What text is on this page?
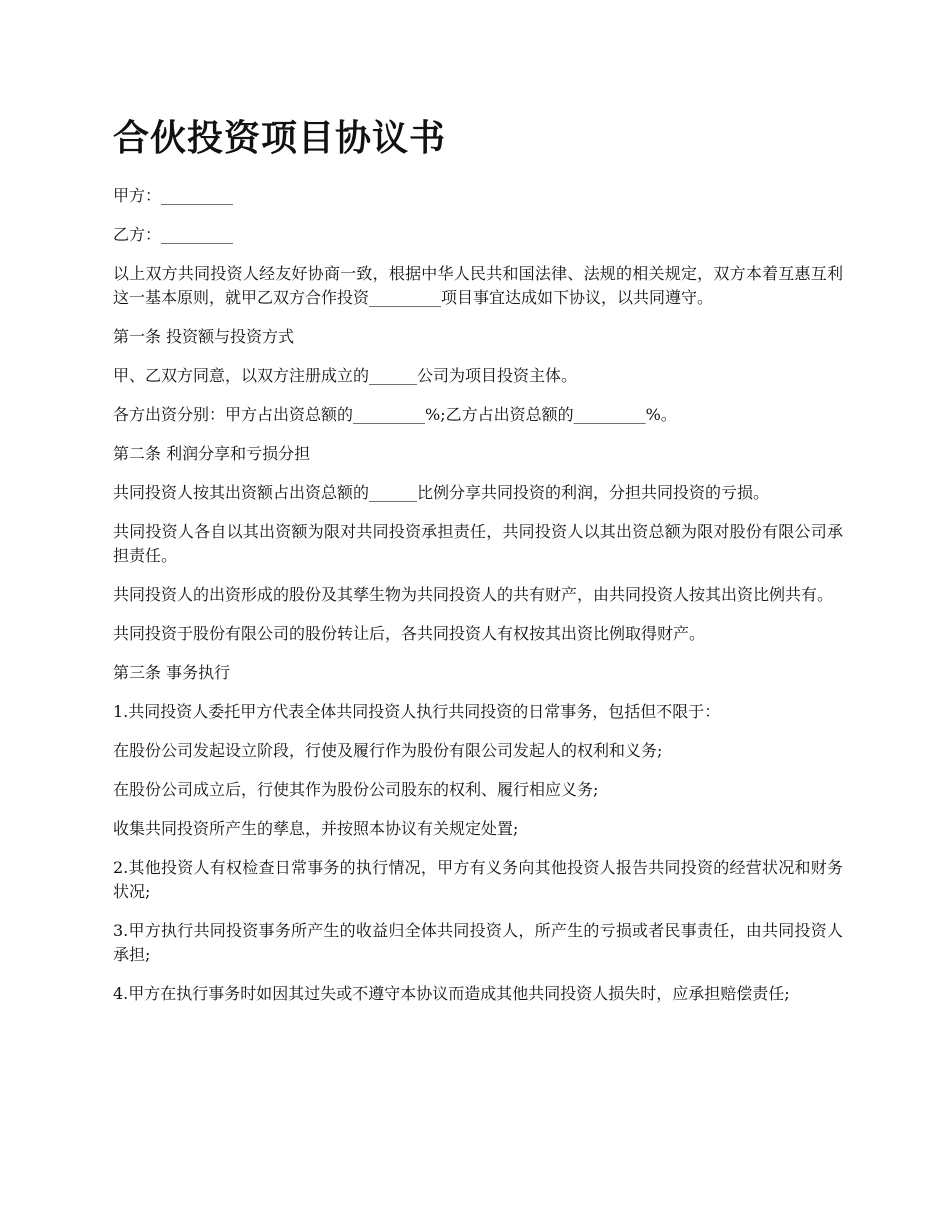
合伙投资项目协议书

甲方：_________

乙方：_________

以上双方共同投资人经友好协商一致，根据中华人民共和国法律、法规的相关规定，双方本着互惠互利这一基本原则，就甲乙双方合作投资_________项目事宜达成如下协议，以共同遵守。

第一条 投资额与投资方式

甲、乙双方同意，以双方注册成立的______公司为项目投资主体。

各方出资分别：甲方占出资总额的_________%;乙方占出资总额的_________%。

第二条 利润分享和亏损分担

共同投资人按其出资额占出资总额的______比例分享共同投资的利润，分担共同投资的亏损。

共同投资人各自以其出资额为限对共同投资承担责任，共同投资人以其出资总额为限对股份有限公司承担责任。

共同投资人的出资形成的股份及其孳生物为共同投资人的共有财产，由共同投资人按其出资比例共有。

共同投资于股份有限公司的股份转让后，各共同投资人有权按其出资比例取得财产。

第三条 事务执行

1.共同投资人委托甲方代表全体共同投资人执行共同投资的日常事务，包括但不限于：

在股份公司发起设立阶段，行使及履行作为股份有限公司发起人的权利和义务;

在股份公司成立后，行使其作为股份公司股东的权利、履行相应义务;

收集共同投资所产生的孳息，并按照本协议有关规定处置;

2.其他投资人有权检查日常事务的执行情况，甲方有义务向其他投资人报告共同投资的经营状况和财务状况;

3.甲方执行共同投资事务所产生的收益归全体共同投资人，所产生的亏损或者民事责任，由共同投资人承担;

4.甲方在执行事务时如因其过失或不遵守本协议而造成其他共同投资人损失时，应承担赔偿责任;
